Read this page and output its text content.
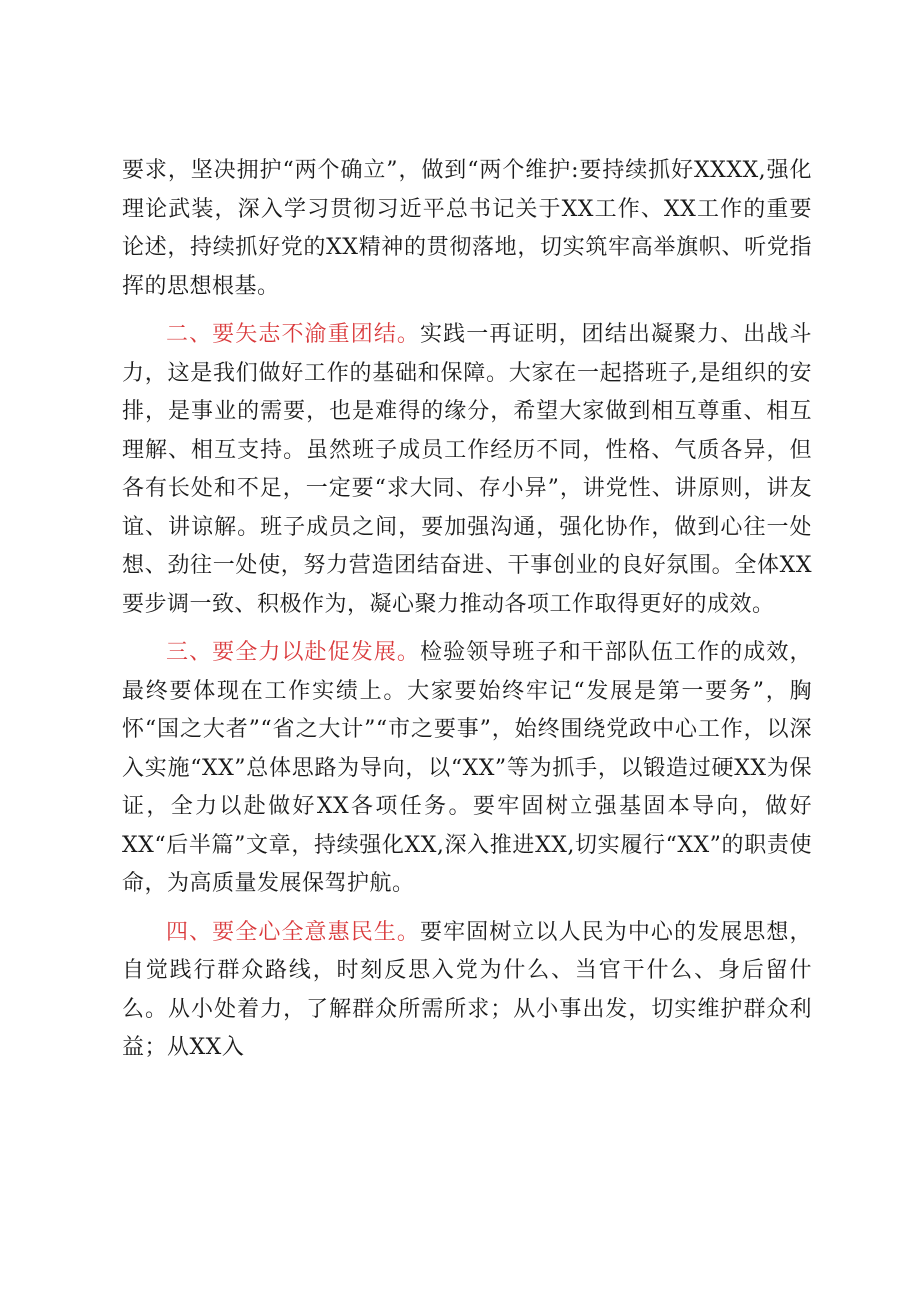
要求，坚决拥护“两个确立”，做到“两个维护:要持续抓好XXXX,强化理论武装，深入学习贯彻习近平总书记关于XX工作、XX工作的重要论述，持续抓好党的XX精神的贯彻落地，切实筑牢高举旗帜、听党指挥的思想根基。

二、要矢志不渝重团结。实践一再证明，团结出凝聚力、出战斗力，这是我们做好工作的基础和保障。大家在一起搭班子,是组织的安排，是事业的需要，也是难得的缘分，希望大家做到相互尊重、相互理解、相互支持。虽然班子成员工作经历不同，性格、气质各异，但各有长处和不足，一定要“求大同、存小异”，讲党性、讲原则，讲友谊、讲谅解。班子成员之间，要加强沟通，强化协作，做到心往一处想、劲往一处使，努力营造团结奋进、干事创业的良好氛围。全体XX要步调一致、积极作为，凝心聚力推动各项工作取得更好的成效。

三、要全力以赴促发展。检验领导班子和干部队伍工作的成效，最终要体现在工作实绩上。大家要始终牢记“发展是第一要务”，胸怀“国之大者”“省之大计”“市之要事”，始终围绕党政中心工作，以深入实施“XX”总体思路为导向，以“XX”等为抓手，以锻造过硬XX为保证，全力以赴做好XX各项任务。要牢固树立强基固本导向，做好XX“后半篇”文章，持续强化XX,深入推进XX,切实履行“XX”的职责使命，为高质量发展保驾护航。

四、要全心全意惠民生。要牢固树立以人民为中心的发展思想，自觉践行群众路线，时刻反思入党为什么、当官干什么、身后留什么。从小处着力，了解群众所需所求；从小事出发，切实维护群众利益；从XX入
